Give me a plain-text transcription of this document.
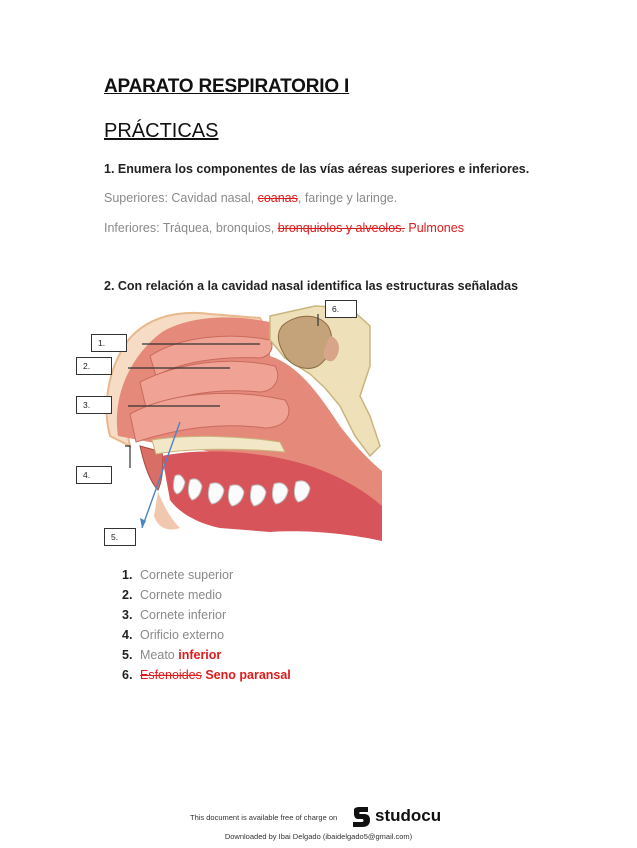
APARATO RESPIRATORIO I
PRÁCTICAS
1. Enumera los componentes de las vías aéreas superiores e inferiores.
Superiores: Cavidad nasal, coanas, faringe y laringe.
Inferiores: Tráquea, bronquios, bronquiolos y alveolos. Pulmones
2. Con relación a la cavidad nasal identifica las estructuras señaladas
1.
2.
3.
4.
5.
6.
1. Cornete superior
2. Cornete medio
3. Cornete inferior
4. Orificio externo
5. Meato inferior
6. Esfenoides Seno paransal
This document is available free of charge on studocu
Downloaded by Ibai Delgado (ibaidelgado5@gmail.com)
